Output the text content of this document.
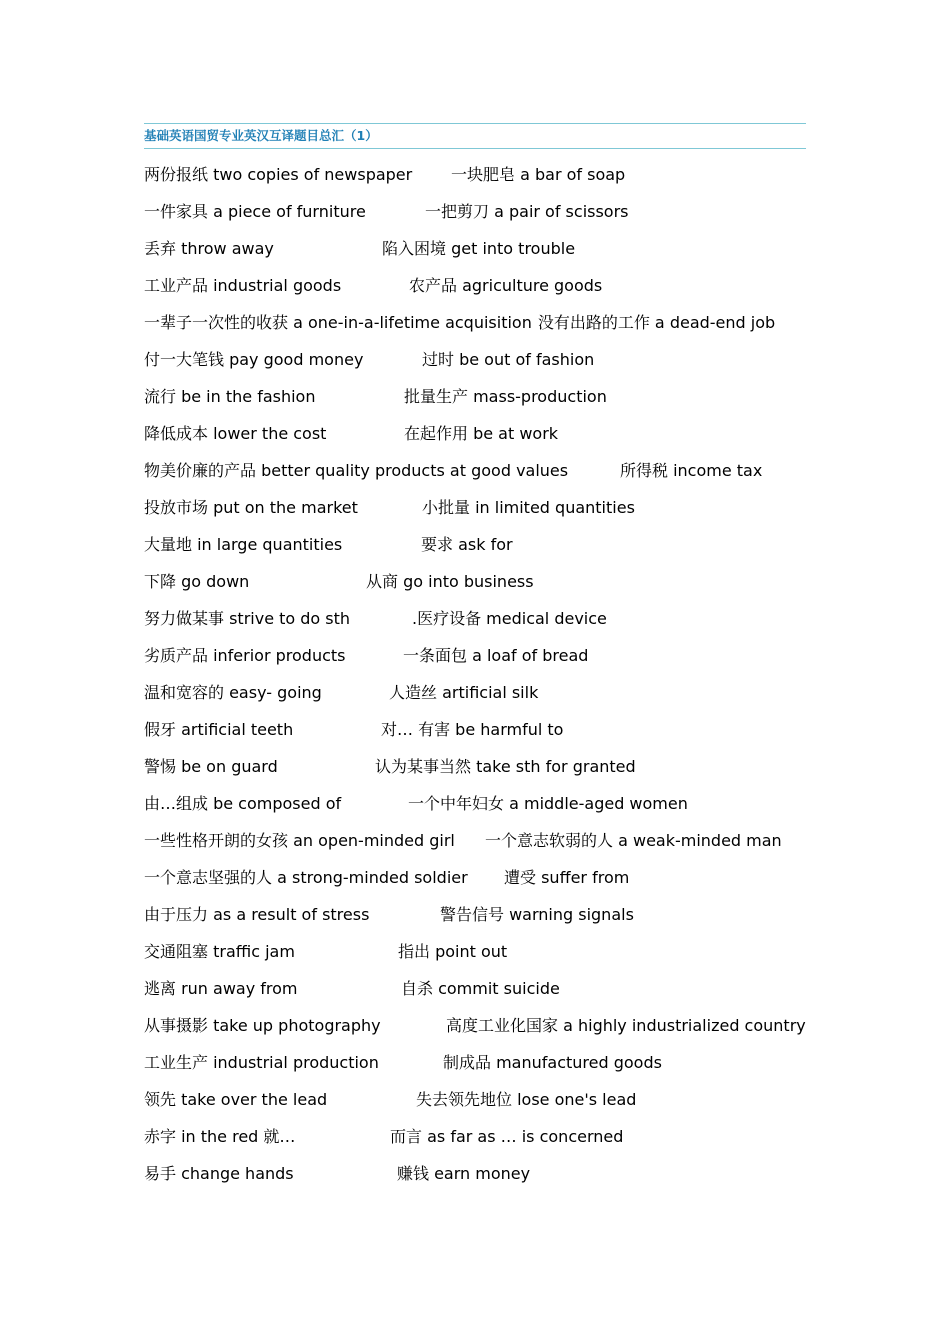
基础英语国贸专业英汉互译题目总汇（1）
两份报纸 two copies of newspaper 一块肥皂 a bar of soap
一件家具 a piece of furniture	一把剪刀 a pair of scissors
丢弃 throw away	陷入困境 get into trouble
工业产品 industrial goods	农产品 agriculture goods
一辈子一次性的收获 a one-in-a-lifetime acquisition 没有出路的工作 a dead-end job
付一大笔钱 pay good money	过时 be out of fashion
流行 be in the fashion	批量生产 mass-production
降低成本 lower the cost	在起作用 be at work
物美价廉的产品 better quality products at good values	所得税 income tax
投放市场 put on the market	小批量 in limited quantities
大量地 in large quantities	要求 ask for
下降 go down	从商 go into business
努力做某事 strive to do sth	.医疗设备 medical device
劣质产品 inferior products	一条面包 a loaf of bread
温和宽容的 easy- going	人造丝 artificial silk
假牙 artificial teeth	对… 有害 be harmful to
警惕 be on guard	认为某事当然 take sth for granted
由…组成 be composed of	一个中年妇女 a middle-aged women
一些性格开朗的女孩 an open-minded girl 一个意志软弱的人 a weak-minded man
一个意志坚强的人 a strong-minded soldier 遭受 suffer from
由于压力 as a result of stress	警告信号 warning signals
交通阻塞 traffic jam	指出 point out
逃离 run away from	自杀 commit suicide
从事摄影 take up photography	高度工业化国家 a highly industrialized country
工业生产 industrial production	制成品 manufactured goods
领先 take over the lead	失去领先地位 lose one's lead
赤字 in the red 就…	而言 as far as … is concerned
易手 change hands	赚钱 earn money
